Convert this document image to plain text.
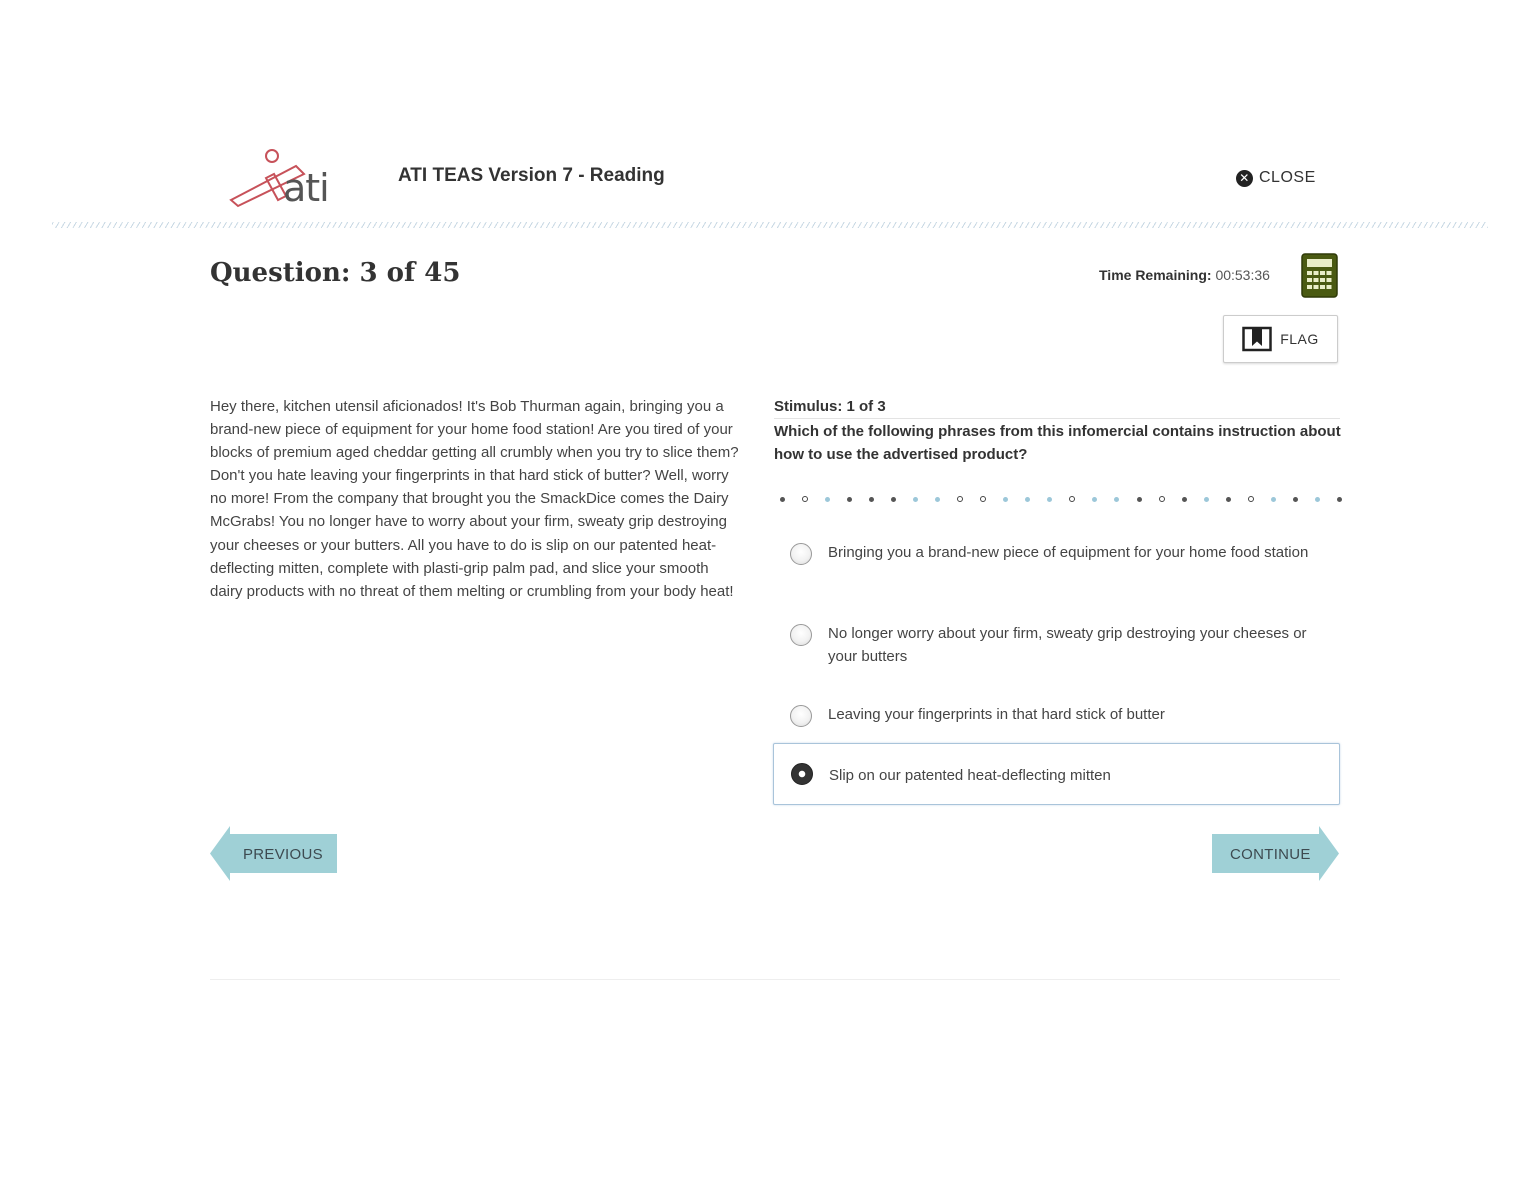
ati	ATI TEAS Version 7 - Reading	✕ CLOSE
Question: 3 of 45	Time Remaining: 00:53:36
FLAG
Hey there, kitchen utensil aficionados! It's Bob Thurman again, bringing you a brand-new piece of equipment for your home food station! Are you tired of your blocks of premium aged cheddar getting all crumbly when you try to slice them? Don't you hate leaving your fingerprints in that hard stick of butter? Well, worry no more! From the company that brought you the SmackDice comes the Dairy McGrabs! You no longer have to worry about your firm, sweaty grip destroying your cheeses or your butters. All you have to do is slip on our patented heat-deflecting mitten, complete with plasti-grip palm pad, and slice your smooth dairy products with no threat of them melting or crumbling from your body heat!
Stimulus: 1 of 3
Which of the following phrases from this infomercial contains instruction about how to use the advertised product?
Bringing you a brand-new piece of equipment for your home food station
No longer worry about your firm, sweaty grip destroying your cheeses or your butters
Leaving your fingerprints in that hard stick of butter
Slip on our patented heat-deflecting mitten
PREVIOUS	CONTINUE
